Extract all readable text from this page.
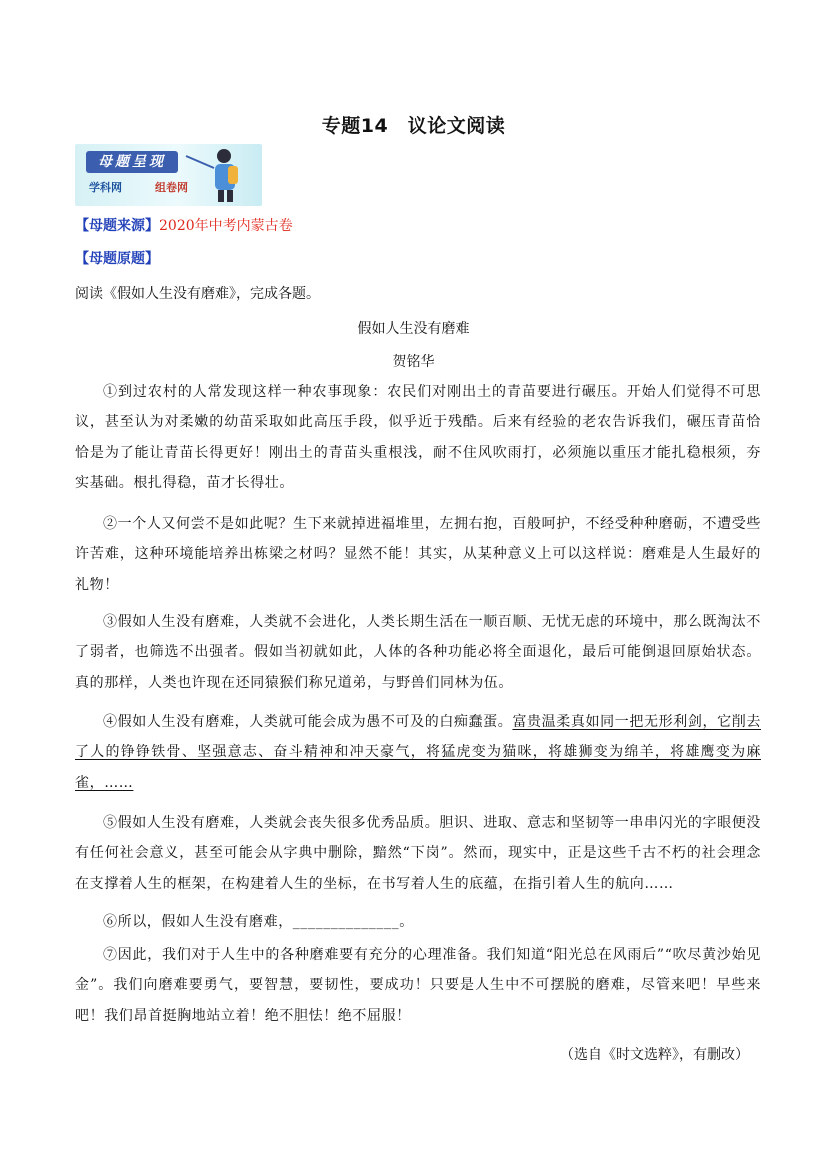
专题14　议论文阅读
母题呈现
学科网	组卷网
【母题来源】2020年中考内蒙古卷
【母题原题】
阅读《假如人生没有磨难》，完成各题。
假如人生没有磨难
贺铭华
①到过农村的人常发现这样一种农事现象：农民们对刚出土的青苗要进行碾压。开始人们觉得不可思议，甚至认为对柔嫩的幼苗采取如此高压手段，似乎近于残酷。后来有经验的老农告诉我们，碾压青苗恰恰是为了能让青苗长得更好！刚出土的青苗头重根浅，耐不住风吹雨打，必须施以重压才能扎稳根须，夯实基础。根扎得稳，苗才长得壮。
②一个人又何尝不是如此呢？生下来就掉进福堆里，左拥右抱，百般呵护，不经受种种磨砺，不遭受些许苦难，这种环境能培养出栋梁之材吗？显然不能！其实，从某种意义上可以这样说：磨难是人生最好的礼物！
③假如人生没有磨难，人类就不会进化，人类长期生活在一顺百顺、无忧无虑的环境中，那么既淘汰不了弱者，也筛选不出强者。假如当初就如此，人体的各种功能必将全面退化，最后可能倒退回原始状态。真的那样，人类也许现在还同猿猴们称兄道弟，与野兽们同林为伍。
④假如人生没有磨难，人类就可能会成为愚不可及的白痴蠢蛋。富贵温柔真如同一把无形利剑，它削去了人的铮铮铁骨、坚强意志、奋斗精神和冲天豪气，将猛虎变为猫咪，将雄狮变为绵羊，将雄鹰变为麻雀，……
⑤假如人生没有磨难，人类就会丧失很多优秀品质。胆识、进取、意志和坚韧等一串串闪光的字眼便没有任何社会意义，甚至可能会从字典中删除，黯然“下岗”。然而，现实中，正是这些千古不朽的社会理念在支撑着人生的框架，在构建着人生的坐标，在书写着人生的底蕴，在指引着人生的航向……
⑥所以，假如人生没有磨难，______________。
⑦因此，我们对于人生中的各种磨难要有充分的心理准备。我们知道“阳光总在风雨后”“吹尽黄沙始见金”。我们向磨难要勇气，要智慧，要韧性，要成功！只要是人生中不可摆脱的磨难，尽管来吧！早些来吧！我们昂首挺胸地站立着！绝不胆怯！绝不屈服！
（选自《时文选粹》，有删改）
